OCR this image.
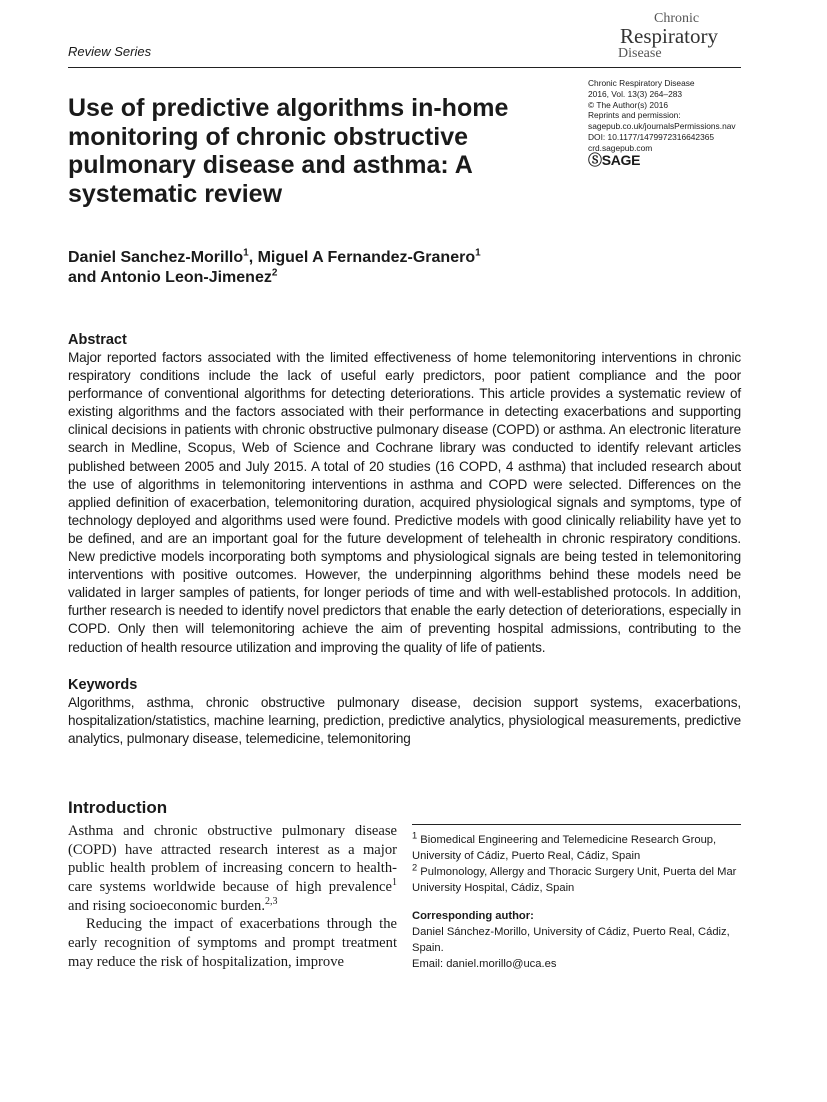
Review Series
Chronic
Respiratory
Disease
Chronic Respiratory Disease
2016, Vol. 13(3) 264–283
© The Author(s) 2016
Reprints and permission:
sagepub.co.uk/journalsPermissions.nav
DOI: 10.1177/1479972316642365
crd.sagepub.com
ⓈSAGE
Use of predictive algorithms in-home monitoring of chronic obstructive pulmonary disease and asthma: A systematic review
Daniel Sanchez-Morillo$^1$, Miguel A Fernandez-Granero$^1$
and Antonio Leon-Jimenez$^2$
Abstract

Major reported factors associated with the limited effectiveness of home telemonitoring interventions in chronic respiratory conditions include the lack of useful early predictors, poor patient compliance and the poor performance of conventional algorithms for detecting deteriorations. This article provides a systematic review of existing algorithms and the factors associated with their performance in detecting exacerbations and supporting clinical decisions in patients with chronic obstructive pulmonary disease (COPD) or asthma. An electronic literature search in Medline, Scopus, Web of Science and Cochrane library was conducted to identify relevant articles published between 2005 and July 2015. A total of 20 studies (16 COPD, 4 asthma) that included research about the use of algorithms in telemonitoring interventions in asthma and COPD were selected. Differences on the applied definition of exacerbation, telemonitoring duration, acquired physiological signals and symptoms, type of technology deployed and algorithms used were found. Predictive models with good clinically reliability have yet to be defined, and are an important goal for the future development of telehealth in chronic respiratory conditions. New predictive models incorporating both symptoms and physiological signals are being tested in telemonitoring interventions with positive outcomes. However, the underpinning algorithms behind these models need be validated in larger samples of patients, for longer periods of time and with well-established protocols. In addition, further research is needed to identify novel predictors that enable the early detection of deteriorations, especially in COPD. Only then will telemonitoring achieve the aim of preventing hospital admissions, contributing to the reduction of health resource utilization and improving the quality of life of patients.

Keywords

Algorithms, asthma, chronic obstructive pulmonary disease, decision support systems, exacerbations, hospitalization/statistics, machine learning, prediction, predictive analytics, physiological measurements, predictive analytics, pulmonary disease, telemedicine, telemonitoring

Introduction

Asthma and chronic obstructive pulmonary disease (COPD) have attracted research interest as a major public health problem of increasing concern to health-care systems worldwide because of high prevalence$^1$ and rising socioeconomic burden.$^{2,3}$

Reducing the impact of exacerbations through the early recognition of symptoms and prompt treatment may reduce the risk of hospitalization, improve

$^1$ Biomedical Engineering and Telemedicine Research Group, University of Cádiz, Puerto Real, Cádiz, Spain

$^2$ Pulmonology, Allergy and Thoracic Surgery Unit, Puerta del Mar University Hospital, Cádiz, Spain

Corresponding author:

Daniel Sánchez-Morillo, University of Cádiz, Puerto Real, Cádiz, Spain.

Email: daniel.morillo@uca.es
